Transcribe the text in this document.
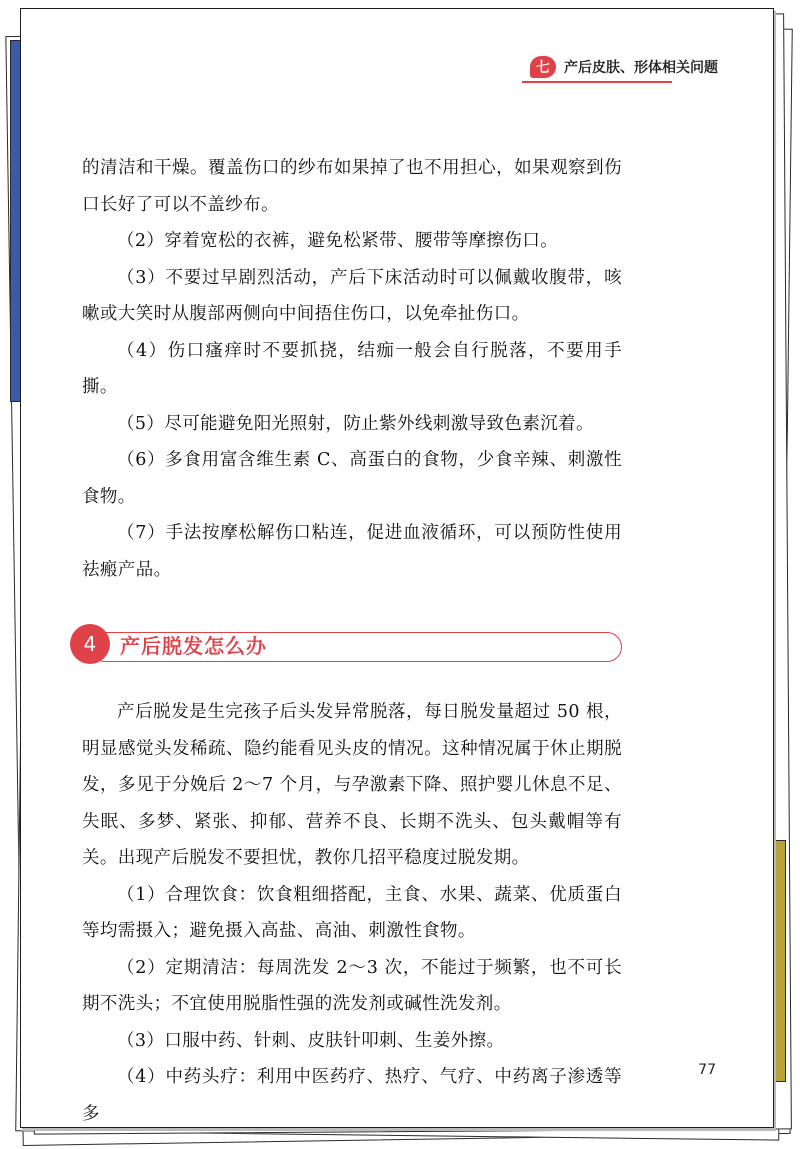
七	产后皮肤、形体相关问题

的清洁和干燥。覆盖伤口的纱布如果掉了也不用担心，如果观察到伤口长好了可以不盖纱布。

（2）穿着宽松的衣裤，避免松紧带、腰带等摩擦伤口。

（3）不要过早剧烈活动，产后下床活动时可以佩戴收腹带，咳嗽或大笑时从腹部两侧向中间捂住伤口，以免牵扯伤口。

（4）伤口瘙痒时不要抓挠，结痂一般会自行脱落，不要用手撕。

（5）尽可能避免阳光照射，防止紫外线刺激导致色素沉着。

（6）多食用富含维生素 C、高蛋白的食物，少食辛辣、刺激性食物。

（7）手法按摩松解伤口粘连，促进血液循环，可以预防性使用祛瘢产品。

4	产后脱发怎么办

产后脱发是生完孩子后头发异常脱落，每日脱发量超过 50 根，明显感觉头发稀疏、隐约能看见头皮的情况。这种情况属于休止期脱发，多见于分娩后 2～7 个月，与孕激素下降、照护婴儿休息不足、失眠、多梦、紧张、抑郁、营养不良、长期不洗头、包头戴帽等有关。出现产后脱发不要担忧，教你几招平稳度过脱发期。

（1）合理饮食：饮食粗细搭配，主食、水果、蔬菜、优质蛋白等均需摄入；避免摄入高盐、高油、刺激性食物。

（2）定期清洁：每周洗发 2～3 次，不能过于频繁，也不可长期不洗头；不宜使用脱脂性强的洗发剂或碱性洗发剂。

（3）口服中药、针刺、皮肤针叩刺、生姜外擦。

（4）中药头疗：利用中医药疗、热疗、气疗、中药离子渗透等多

77
